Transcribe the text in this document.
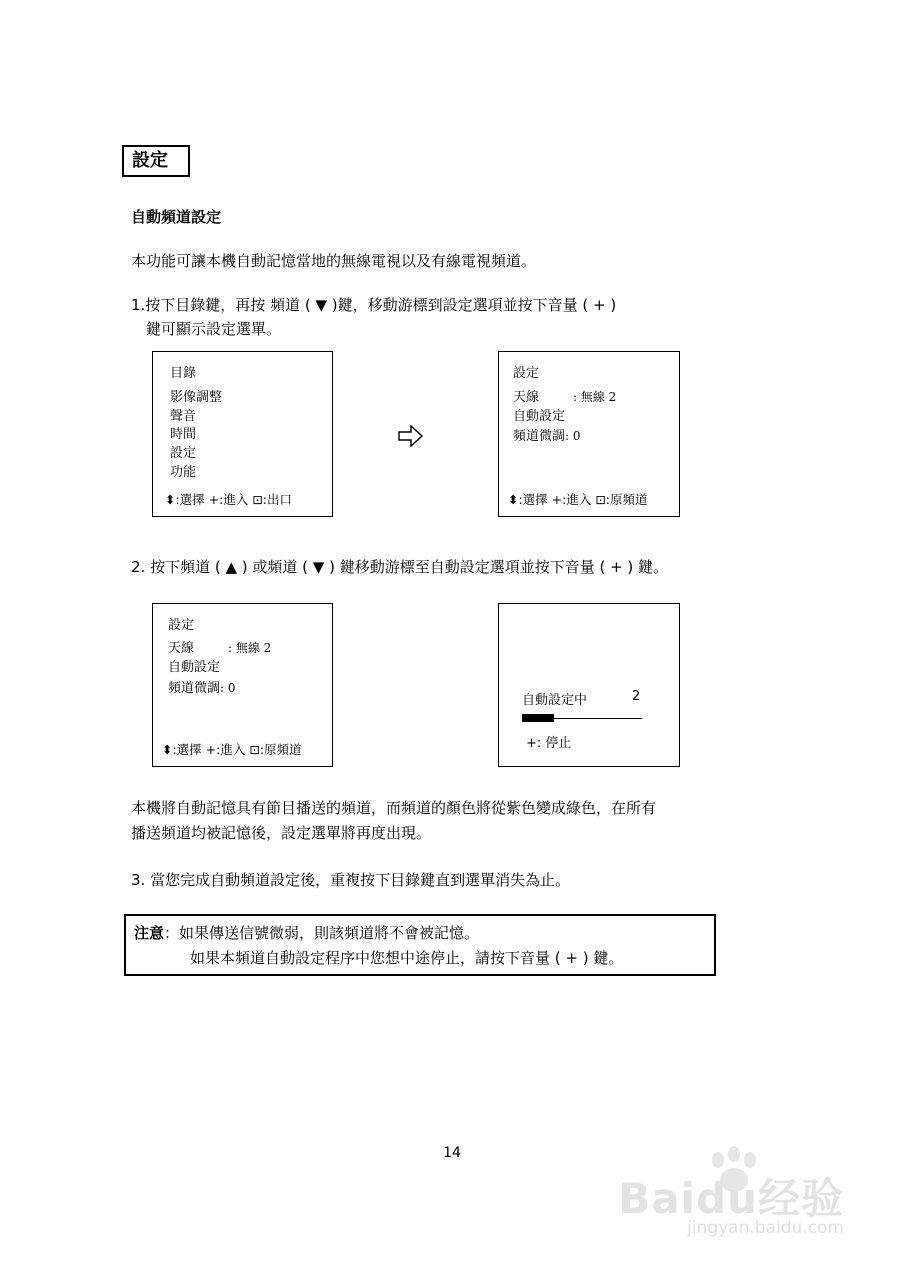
設定
自動頻道設定
本功能可讓本機自動記憶當地的無線電視以及有線電視頻道。
1.按下目錄鍵，再按 頻道 ( ▼ )鍵，移動游標到設定選項並按下音量 ( + )
鍵可顯示設定選單。
目錄
影像調整
聲音
時間
設定
功能
⬍:選擇 +:進入 ⊡:出口
設定
天線	: 無線 2
自動設定
頻道微調: 0
⬍:選擇 +:進入 ⊡:原頻道
2. 按下頻道 ( ▲ ) 或頻道 ( ▼ ) 鍵移動游標至自動設定選項並按下音量 ( + ) 鍵。
設定
天線	: 無線 2
自動設定
頻道微調: 0
⬍:選擇 +:進入 ⊡:原頻道
自動設定中	2
+: 停止
本機將自動記憶具有節目播送的頻道，而頻道的顏色將從紫色變成綠色，在所有
播送頻道均被記憶後，設定選單將再度出現。
3. 當您完成自動頻道設定後，重複按下目錄鍵直到選單消失為止。
注意：如果傳送信號微弱，則該頻道將不會被記憶。
如果本頻道自動設定程序中您想中途停止，請按下音量 ( + ) 鍵。
14
Baidu经验
jingyan.baidu.com
